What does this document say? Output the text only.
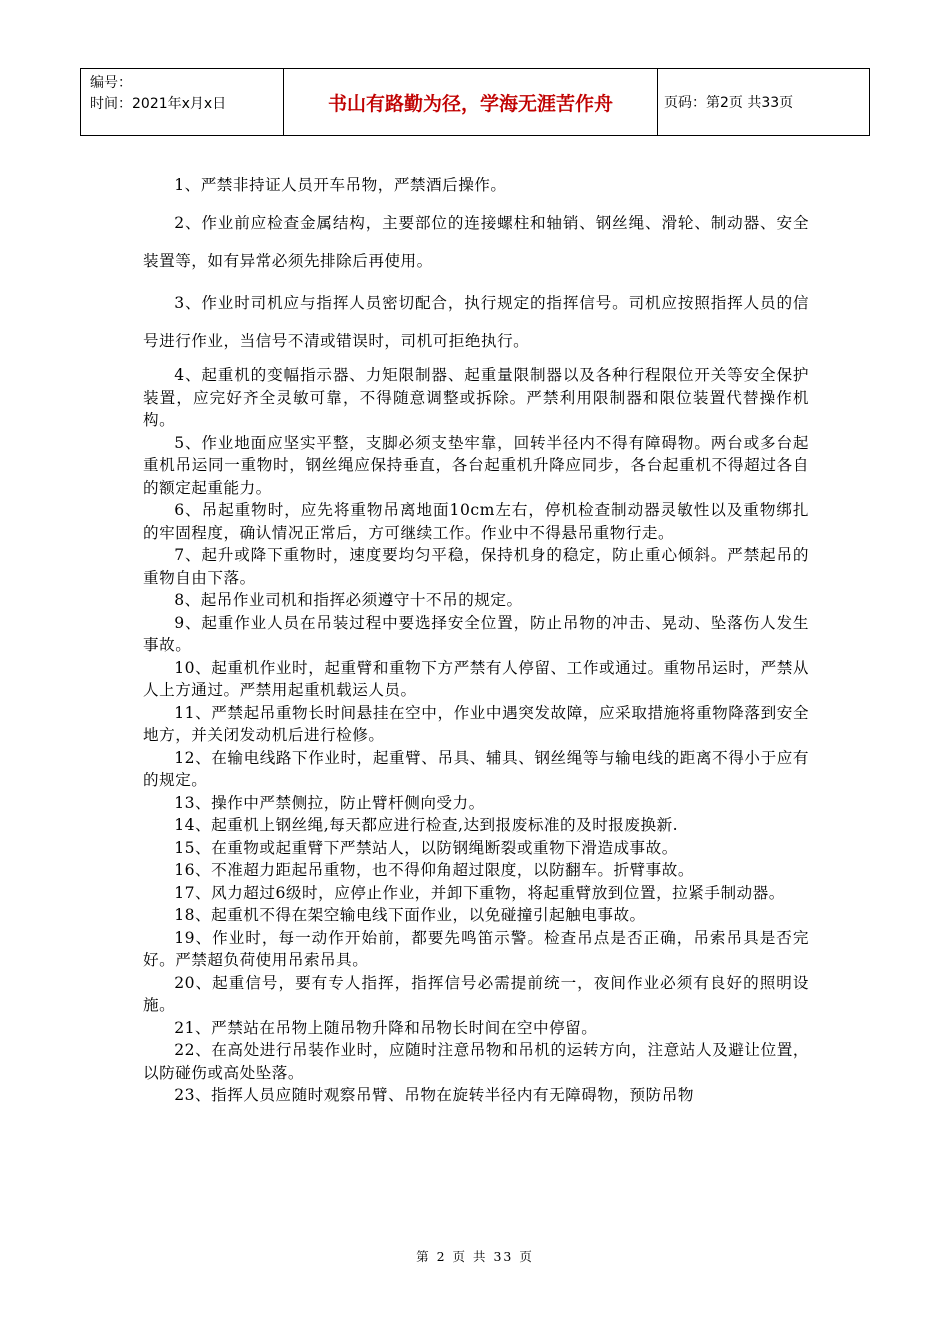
编号：
时间：2021年x月x日	书山有路勤为径，学海无涯苦作舟	页码：第2页 共33页

1、严禁非持证人员开车吊物，严禁酒后操作。

2、作业前应检查金属结构，主要部位的连接螺柱和轴销、钢丝绳、滑轮、制动器、安全装置等，如有异常必须先排除后再使用。

3、作业时司机应与指挥人员密切配合，执行规定的指挥信号。司机应按照指挥人员的信号进行作业，当信号不清或错误时，司机可拒绝执行。

4、起重机的变幅指示器、力矩限制器、起重量限制器以及各种行程限位开关等安全保护装置，应完好齐全灵敏可靠，不得随意调整或拆除。严禁利用限制器和限位装置代替操作机构。

5、作业地面应坚实平整，支脚必须支垫牢靠，回转半径内不得有障碍物。两台或多台起重机吊运同一重物时，钢丝绳应保持垂直，各台起重机升降应同步，各台起重机不得超过各自的额定起重能力。

6、吊起重物时，应先将重物吊离地面10cm左右，停机检查制动器灵敏性以及重物绑扎的牢固程度，确认情况正常后，方可继续工作。作业中不得悬吊重物行走。

7、起升或降下重物时，速度要均匀平稳，保持机身的稳定，防止重心倾斜。严禁起吊的重物自由下落。

8、起吊作业司机和指挥必须遵守十不吊的规定。

9、起重作业人员在吊装过程中要选择安全位置，防止吊物的冲击、晃动、坠落伤人发生事故。

10、起重机作业时，起重臂和重物下方严禁有人停留、工作或通过。重物吊运时，严禁从人上方通过。严禁用起重机载运人员。

11、严禁起吊重物长时间悬挂在空中，作业中遇突发故障，应采取措施将重物降落到安全地方，并关闭发动机后进行检修。

12、在输电线路下作业时，起重臂、吊具、辅具、钢丝绳等与输电线的距离不得小于应有的规定。

13、操作中严禁侧拉，防止臂杆侧向受力。

14、起重机上钢丝绳,每天都应进行检查,达到报废标准的及时报废换新.

15、在重物或起重臂下严禁站人，以防钢绳断裂或重物下滑造成事故。

16、不准超力距起吊重物，也不得仰角超过限度，以防翻车。折臂事故。

17、风力超过6级时，应停止作业，并卸下重物，将起重臂放到位置，拉紧手制动器。

18、起重机不得在架空输电线下面作业，以免碰撞引起触电事故。

19、作业时，每一动作开始前，都要先鸣笛示警。检查吊点是否正确，吊索吊具是否完好。严禁超负荷使用吊索吊具。

20、起重信号，要有专人指挥，指挥信号必需提前统一，夜间作业必须有良好的照明设施。

21、严禁站在吊物上随吊物升降和吊物长时间在空中停留。

22、在高处进行吊装作业时，应随时注意吊物和吊机的运转方向，注意站人及避让位置，以防碰伤或高处坠落。

23、指挥人员应随时观察吊臂、吊物在旋转半径内有无障碍物，预防吊物

第 2 页 共 33 页
